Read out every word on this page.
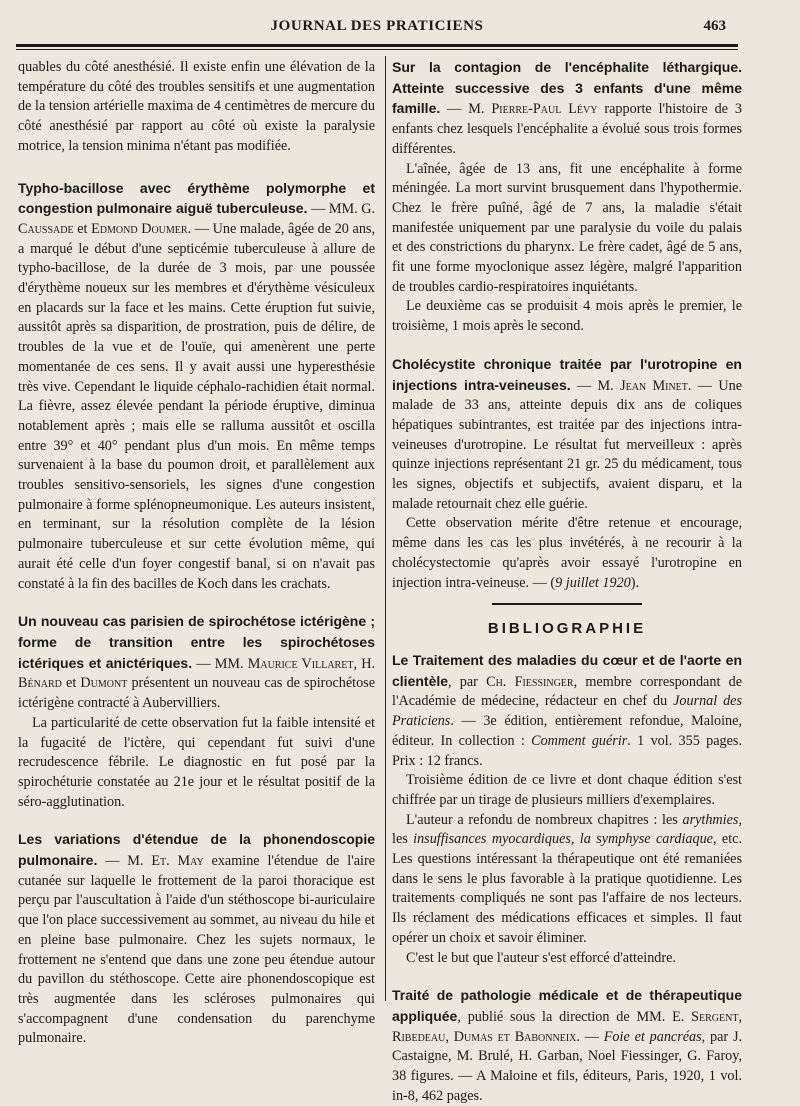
JOURNAL DES PRATICIENS	463

quables du côté anesthésié. Il existe enfin une élévation de la température du côté des troubles sensitifs et une augmentation de la tension artérielle maxima de 4 centimètres de mercure du côté anesthésié par rapport au côté où existe la paralysie motrice, la tension minima n'étant pas modifiée.

Typho-bacillose avec érythème polymorphe et congestion pulmonaire aiguë tuberculeuse. — MM. G. Caussade et Edmond Doumer. — Une malade, âgée de 20 ans, a marqué le début d'une septicémie tuberculeuse à allure de typho-bacillose, de la durée de 3 mois, par une poussée d'érythème noueux sur les membres et d'érythème vésiculeux en placards sur la face et les mains. Cette éruption fut suivie, aussitôt après sa disparition, de prostration, puis de délire, de troubles de la vue et de l'ouïe, qui amenèrent une perte momentanée de ces sens. Il y avait aussi une hyperesthésie très vive. Cependant le liquide céphalo-rachidien était normal. La fièvre, assez élevée pendant la période éruptive, diminua notablement après ; mais elle se ralluma aussitôt et oscilla entre 39° et 40° pendant plus d'un mois. En même temps survenaient à la base du poumon droit, et parallèlement aux troubles sensitivo-sensoriels, les signes d'une congestion pulmonaire à forme splénopneumonique. Les auteurs insistent, en terminant, sur la résolution complète de la lésion pulmonaire tuberculeuse et sur cette évolution même, qui aurait été celle d'un foyer congestif banal, si on n'avait pas constaté à la fin des bacilles de Koch dans les crachats.

Un nouveau cas parisien de spirochétose ictérigène ; forme de transition entre les spirochétoses ictériques et anictériques. — MM. Maurice Villaret, H. Bénard et Dumont présentent un nouveau cas de spirochétose ictérigène contracté à Aubervilliers.

La particularité de cette observation fut la faible intensité et la fugacité de l'ictère, qui cependant fut suivi d'une recrudescence fébrile. Le diagnostic en fut posé par la spirochéturie constatée au 21e jour et le résultat positif de la séro-agglutination.

Les variations d'étendue de la phonendoscopie pulmonaire. — M. Et. May examine l'étendue de l'aire cutanée sur laquelle le frottement de la paroi thoracique est perçu par l'auscultation à l'aide d'un stéthoscope bi-auriculaire que l'on place successivement au sommet, au niveau du hile et en pleine base pulmonaire. Chez les sujets normaux, le frottement ne s'entend que dans une zone peu étendue autour du pavillon du stéthoscope. Cette aire phonendoscopique est très augmentée dans les scléroses pulmonaires qui s'accompagnent d'une condensation du parenchyme pulmonaire.

Sur la contagion de l'encéphalite léthargique. Atteinte successive des 3 enfants d'une même famille. — M. Pierre-Paul Lévy rapporte l'histoire de 3 enfants chez lesquels l'encéphalite a évolué sous trois formes différentes.

L'aînée, âgée de 13 ans, fit une encéphalite à forme méningée. La mort survint brusquement dans l'hypothermie. Chez le frère puîné, âgé de 7 ans, la maladie s'était manifestée uniquement par une paralysie du voile du palais et des constrictions du pharynx. Le frère cadet, âgé de 5 ans, fit une forme myoclonique assez légère, malgré l'apparition de troubles cardio-respiratoires inquiétants.

Le deuxième cas se produisit 4 mois après le premier, le troisième, 1 mois après le second.

Cholécystite chronique traitée par l'urotropine en injections intra-veineuses. — M. Jean Minet. — Une malade de 33 ans, atteinte depuis dix ans de coliques hépatiques subintrantes, est traitée par des injections intra-veineuses d'urotropine. Le résultat fut merveilleux : après quinze injections représentant 21 gr. 25 du médicament, tous les signes, objectifs et subjectifs, avaient disparu, et la malade retournait chez elle guérie.

Cette observation mérite d'être retenue et encourage, même dans les cas les plus invétérés, à ne recourir à la cholécystectomie qu'après avoir essayé l'urotropine en injection intra-veineuse. — (9 juillet 1920).

BIBLIOGRAPHIE

Le Traitement des maladies du cœur et de l'aorte en clientèle, par Ch. Fiessinger, membre correspondant de l'Académie de médecine, rédacteur en chef du Journal des Praticiens. — 3e édition, entièrement refondue, Maloine, éditeur. In collection : Comment guérir. 1 vol. 355 pages. Prix : 12 francs.

Troisième édition de ce livre et dont chaque édition s'est chiffrée par un tirage de plusieurs milliers d'exemplaires.

L'auteur a refondu de nombreux chapitres : les arythmies, les insuffisances myocardiques, la symphyse cardiaque, etc. Les questions intéressant la thérapeutique ont été remaniées dans le sens le plus favorable à la pratique quotidienne. Les traitements compliqués ne sont pas l'affaire de nos lecteurs. Ils réclament des médications efficaces et simples. Il faut opérer un choix et savoir éliminer.

C'est le but que l'auteur s'est efforcé d'atteindre.

Traité de pathologie médicale et de thérapeutique appliquée, publié sous la direction de MM. E. Sergent, Ribedeau, Dumas et Babonneix. — Foie et pancréas, par J. Castaigne, M. Brulé, H. Garban, Noel Fiessinger, G. Faroy, 38 figures. — A Maloine et fils, éditeurs, Paris, 1920, 1 vol. in-8, 462 pages.
